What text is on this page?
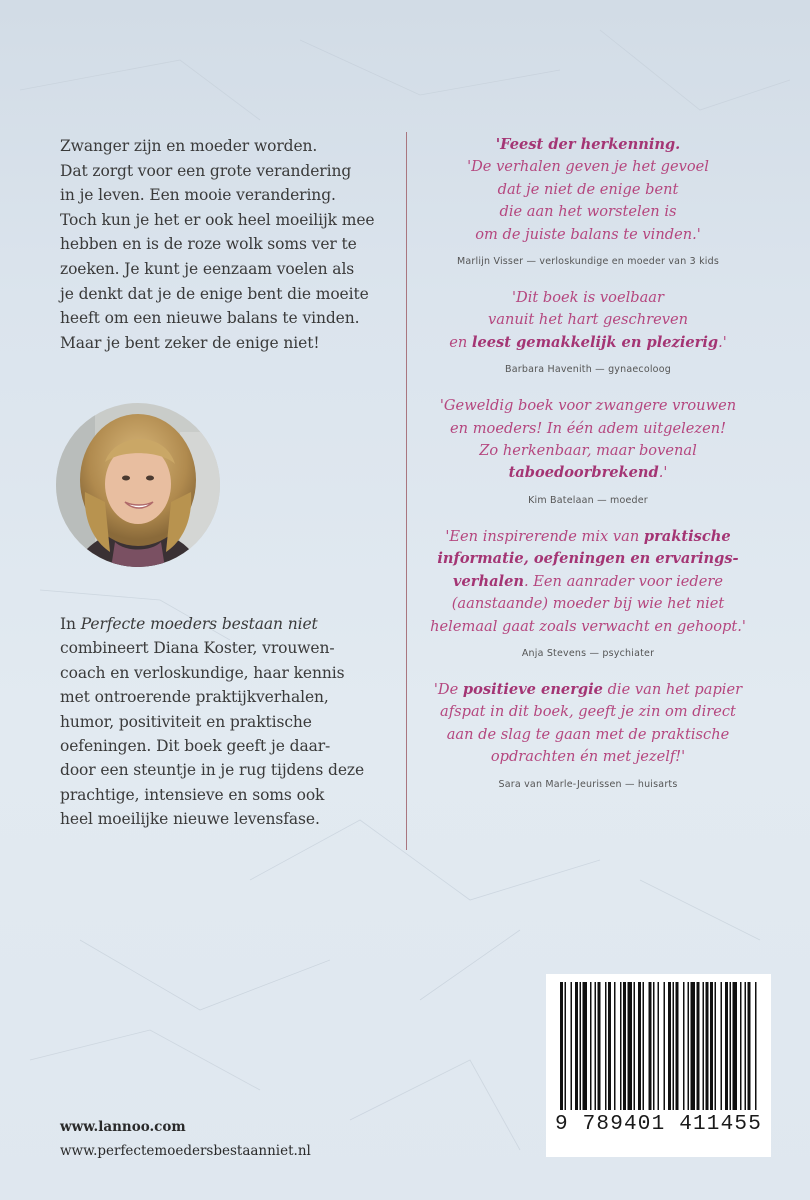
Zwanger zijn en moeder worden.

Dat zorgt voor een grote verandering

in je leven. Een mooie verandering.

Toch kun je het er ook heel moeilijk mee

hebben en is de roze wolk soms ver te

zoeken. Je kunt je eenzaam voelen als

je denkt dat je de enige bent die moeite

heeft om een nieuwe balans te vinden.

Maar je bent zeker de enige niet!

In Perfecte moeders bestaan niet

combineert Diana Koster, vrouwen-

coach en verloskundige, haar kennis

met ontroerende praktijkverhalen,

humor, positiviteit en praktische

oefeningen. Dit boek geeft je daar-

door een steuntje in je rug tijdens deze

prachtige, intensieve en soms ook

heel moeilijke nieuwe levensfase.

'Feest der herkenning.

'De verhalen geven je het gevoel

dat je niet de enige bent

die aan het worstelen is

om de juiste balans te vinden.'

Marlijn Visser — verloskundige en moeder van 3 kids

'Dit boek is voelbaar

vanuit het hart geschreven

en leest gemakkelijk en plezierig.'

Barbara Havenith — gynaecoloog

'Geweldig boek voor zwangere vrouwen

en moeders! In één adem uitgelezen!

Zo herkenbaar, maar bovenal

taboedoorbrekend.'

Kim Batelaan — moeder

'Een inspirerende mix van praktische

informatie, oefeningen en ervarings-

verhalen. Een aanrader voor iedere

(aanstaande) moeder bij wie het niet

helemaal gaat zoals verwacht en gehoopt.'

Anja Stevens — psychiater

'De positieve energie die van het papier

afspat in dit boek, geeft je zin om direct

aan de slag te gaan met de praktische

opdrachten én met jezelf!'

Sara van Marle-Jeurissen — huisarts
9 789401 411455
www.lannoo.com
www.perfectemoedersbestaanniet.nl
